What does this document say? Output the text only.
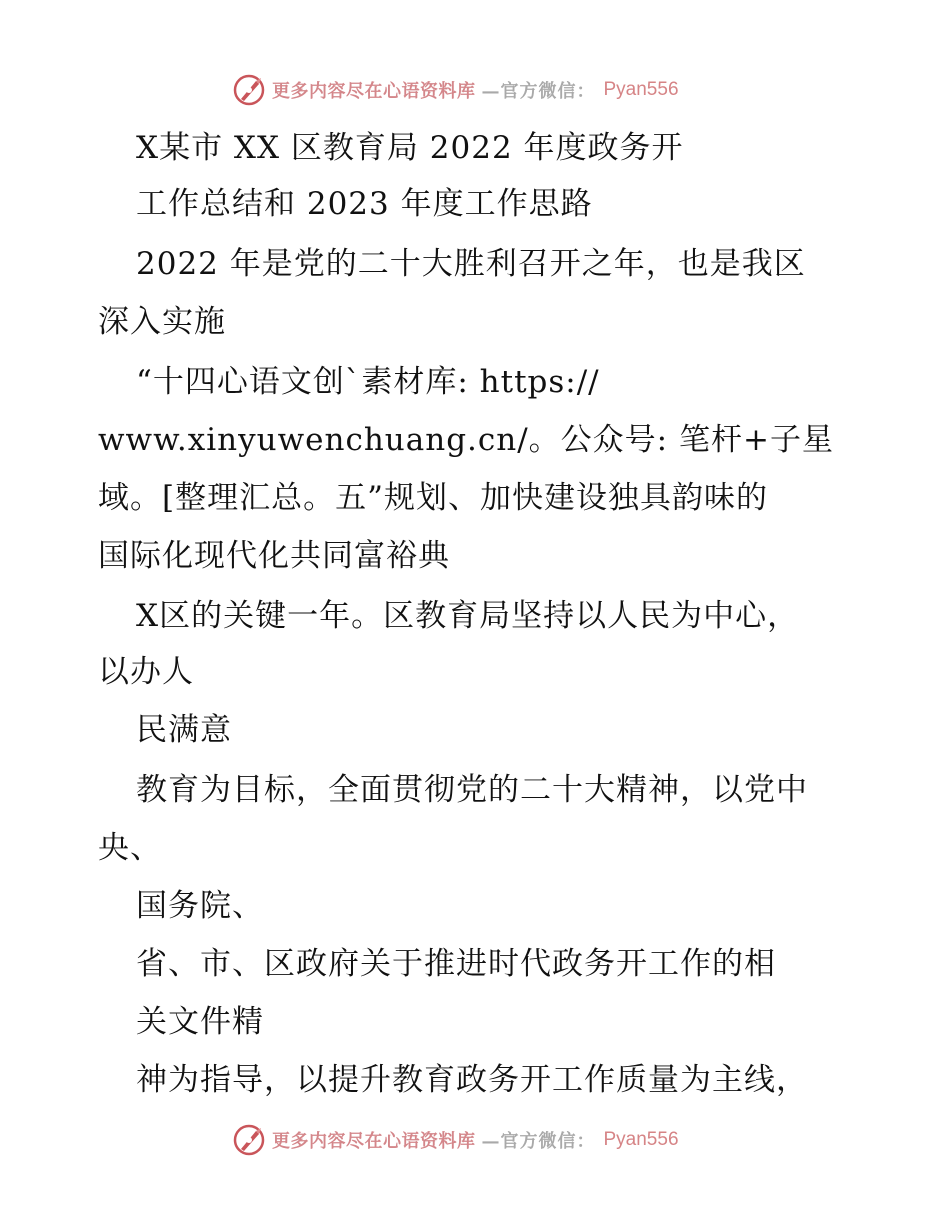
更多内容尽在心语资料库 —官方微信： Pyan556
X某市 XX 区教育局 2022 年度政务开
工作总结和 2023 年度工作思路
2022 年是党的二十大胜利召开之年，也是我区
深入实施
“十四心语文创`素材库: https://
www.xinyuwenchuang.cn/。公众号: 笔杆+子星
域。[整理汇总。五”规划、加快建设独具韵味的
国际化现代化共同富裕典
X区的关键一年。区教育局坚持以人民为中心，
以办人
民满意
教育为目标，全面贯彻党的二十大精神，以党中
央、
国务院、
省、市、区政府关于推进时代政务开工作的相
关文件精
神为指导，以提升教育政务开工作质量为主线，
更多内容尽在心语资料库 —官方微信： Pyan556
